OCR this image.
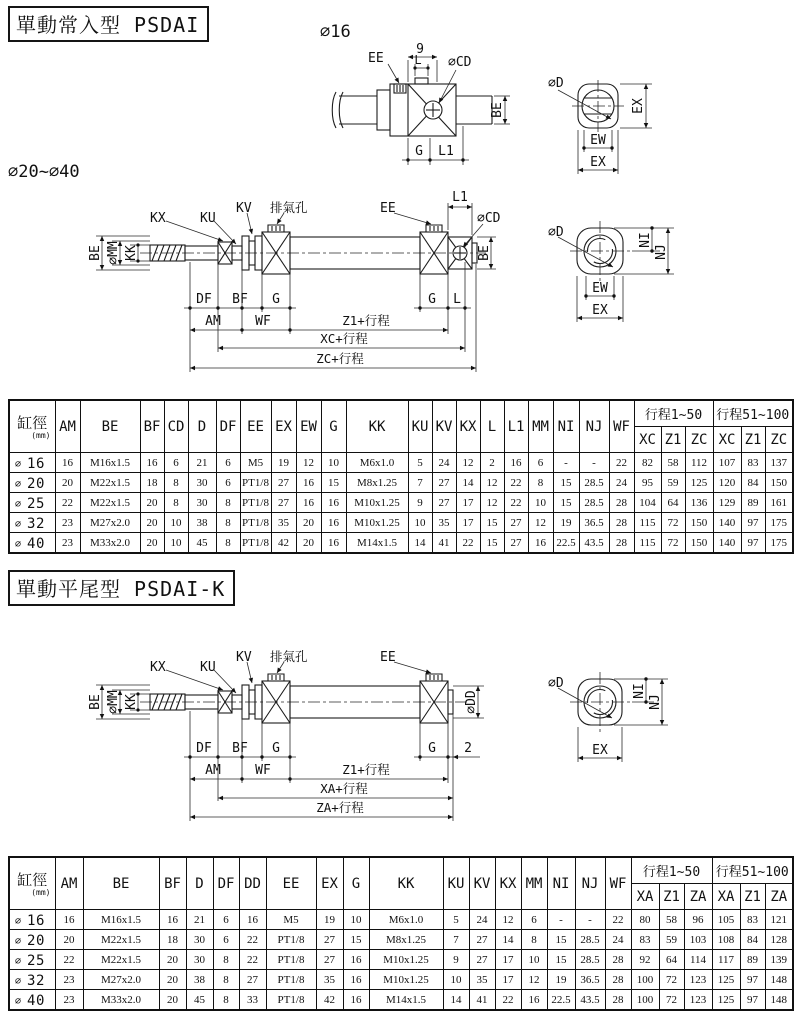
單動常入型 PSDAI	∅16
∅20~∅40
單動平尾型 PSDAI-K
9
L
EE	∅CD
BE
G L1
∅D
EX
EW
EX
BE ∅MM KK
KX	KU
KV 排氣孔	EE
L1
∅CD
BE
DF BF G	G L
AM	WF	Z1+行程
XC+行程
ZC+行程
∅D	NI
NJ
EW
EX
BE ∅MM KK
KX	KU
KV 排氣孔	EE
∅DD
DF BF G	G 2
AM	WF	Z1+行程
XA+行程
ZA+行程
∅D	NI
NJ
EX
缸徑
(mm)	AM	BE	BF	CD	D	DF	EE	EX	EW	G	KK	KU	KV	KX	L	L1	MM	NI	NJ	WF	行程1~50			行程51~100		
																					XC	Z1	ZC	XC	Z1	ZC
∅ 16	16	M16x1.5	16	6	21	6	M5	19	12	10	M6x1.0	5	24	12	2	16	6	-	-	22	82	58	112	107	83	137
∅ 20	20	M22x1.5	18	8	30	6	PT1/8	27	16	15	M8x1.25	7	27	14	12	22	8	15	28.5	24	95	59	125	120	84	150
∅ 25	22	M22x1.5	20	8	30	8	PT1/8	27	16	16	M10x1.25	9	27	17	12	22	10	15	28.5	28	104	64	136	129	89	161
∅ 32	23	M27x2.0	20	10	38	8	PT1/8	35	20	16	M10x1.25	10	35	17	15	27	12	19	36.5	28	115	72	150	140	97	175
∅ 40	23	M33x2.0	20	10	45	8	PT1/8	42	20	16	M14x1.5	14	41	22	15	27	16	22.5	43.5	28	115	72	150	140	97	175
缸徑
(mm)	AM	BE	BF	D	DF	DD	EE	EX	G	KK	KU	KV	KX	MM	NI	NJ	WF	行程1~50			行程51~100		
																		XA	Z1	ZA	XA	Z1	ZA
∅ 16	16	M16x1.5	16	21	6	16	M5	19	10	M6x1.0	5	24	12	6	-	-	22	80	58	96	105	83	121
∅ 20	20	M22x1.5	18	30	6	22	PT1/8	27	15	M8x1.25	7	27	14	8	15	28.5	24	83	59	103	108	84	128
∅ 25	22	M22x1.5	20	30	8	22	PT1/8	27	16	M10x1.25	9	27	17	10	15	28.5	28	92	64	114	117	89	139
∅ 32	23	M27x2.0	20	38	8	27	PT1/8	35	16	M10x1.25	10	35	17	12	19	36.5	28	100	72	123	125	97	148
∅ 40	23	M33x2.0	20	45	8	33	PT1/8	42	16	M14x1.5	14	41	22	16	22.5	43.5	28	100	72	123	125	97	148
